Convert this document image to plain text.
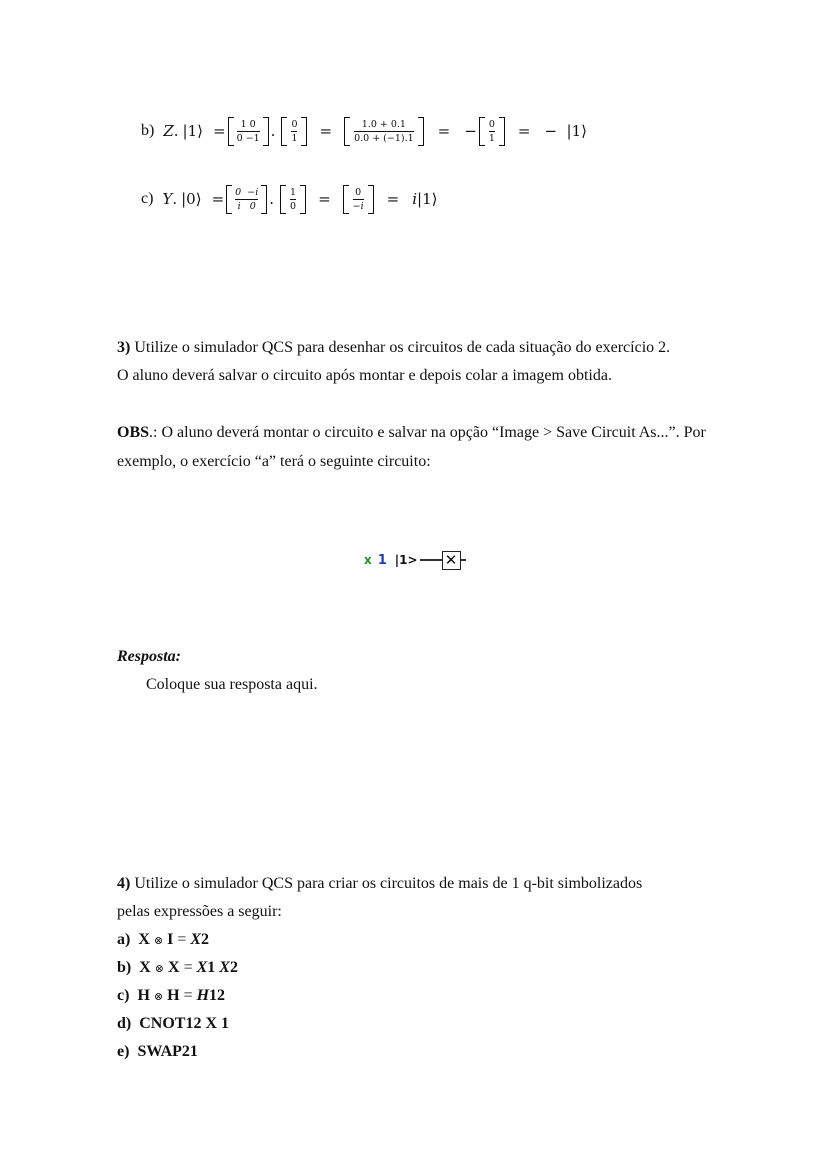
b) Z . |1⟩ =	1 0
0 −1 . 0
1 =	1.0 + 0.1
0.0 + (−1).1 = − 0
1 = −  |1⟩
c) Y . |0⟩ = 0  −i
i   0 . 1
0 =	0
−i = i |1⟩
3) Utilize o simulador QCS para desenhar os circuitos de cada situação do exercício 2.
O aluno deverá salvar o circuito após montar e depois colar a imagem obtida.
OBS.: O aluno deverá montar o circuito e salvar na opção “Image > Save Circuit As...”. Por
exemplo, o exercício “a” terá o seguinte circuito:
x 1 |1> ✕
Resposta:
Coloque sua resposta aqui.
4) Utilize o simulador QCS para criar os circuitos de mais de 1 q-bit simbolizados
pelas expressões a seguir:
a) X ⊗ I = X2
b) X ⊗ X = X1 X2
c) H ⊗ H = H12
d) CNOT12 X 1
e) SWAP21
